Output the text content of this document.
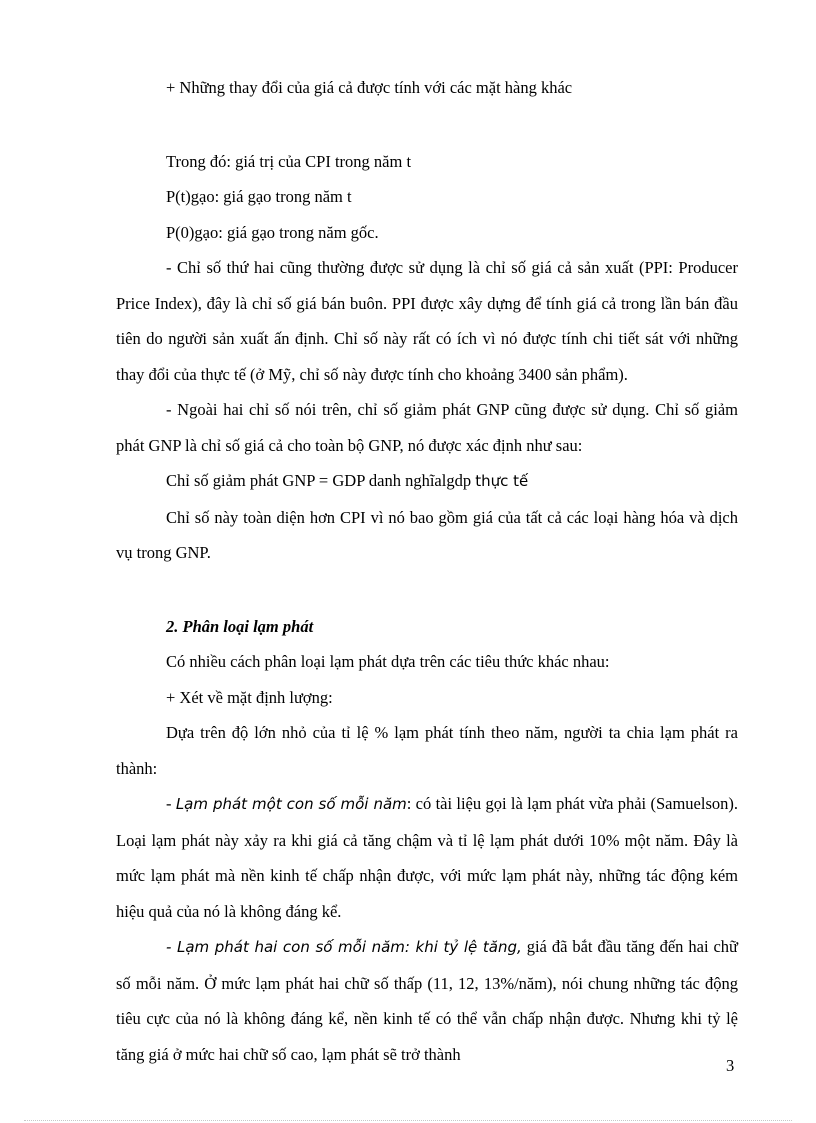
+ Những thay đổi của giá cả được tính với các mặt hàng khác

Trong đó: giá trị của CPI trong năm t

P(t)gạo: giá gạo trong năm t

P(0)gạo: giá gạo trong năm gốc.

- Chỉ số thứ hai cũng thường được sử dụng là chỉ số giá cả sản xuất (PPI: Producer Price Index), đây là chỉ số giá bán buôn. PPI được xây dựng để tính giá cả trong lần bán đầu tiên do người sản xuất ấn định. Chỉ số này rất có ích vì nó được tính chi tiết sát với những thay đổi của thực tế (ở Mỹ, chỉ số này được tính cho khoảng 3400 sản phẩm).

- Ngoài hai chỉ số nói trên, chỉ số giảm phát GNP cũng được sử dụng. Chỉ số giảm phát GNP là chỉ số giá cả cho toàn bộ GNP, nó được xác định như sau:

Chỉ số giảm phát GNP = GDP danh nghĩalgdp thực tế

Chỉ số này toàn diện hơn CPI vì nó bao gồm giá của tất cả các loại hàng hóa và dịch vụ trong GNP.

2. Phân loại lạm phát

Có nhiều cách phân loại lạm phát dựa trên các tiêu thức khác nhau:

+ Xét về mặt định lượng:

Dựa trên độ lớn nhỏ của tỉ lệ % lạm phát tính theo năm, người ta chia lạm phát ra thành:

- Lạm phát một con số mỗi năm: có tài liệu gọi là lạm phát vừa phải (Samuelson). Loại lạm phát này xảy ra khi giá cả tăng chậm và tỉ lệ lạm phát dưới 10% một năm. Đây là mức lạm phát mà nền kinh tế chấp nhận được, với mức lạm phát này, những tác động kém hiệu quả của nó là không đáng kể.

- Lạm phát hai con số mỗi năm: khi tỷ lệ tăng, giá đã bắt đầu tăng đến hai chữ số mỗi năm. Ở mức lạm phát hai chữ số thấp (11, 12, 13%/năm), nói chung những tác động tiêu cực của nó là không đáng kể, nền kinh tế có thể vẫn chấp nhận được. Nhưng khi tỷ lệ tăng giá ở mức hai chữ số cao, lạm phát sẽ trở thành

3
